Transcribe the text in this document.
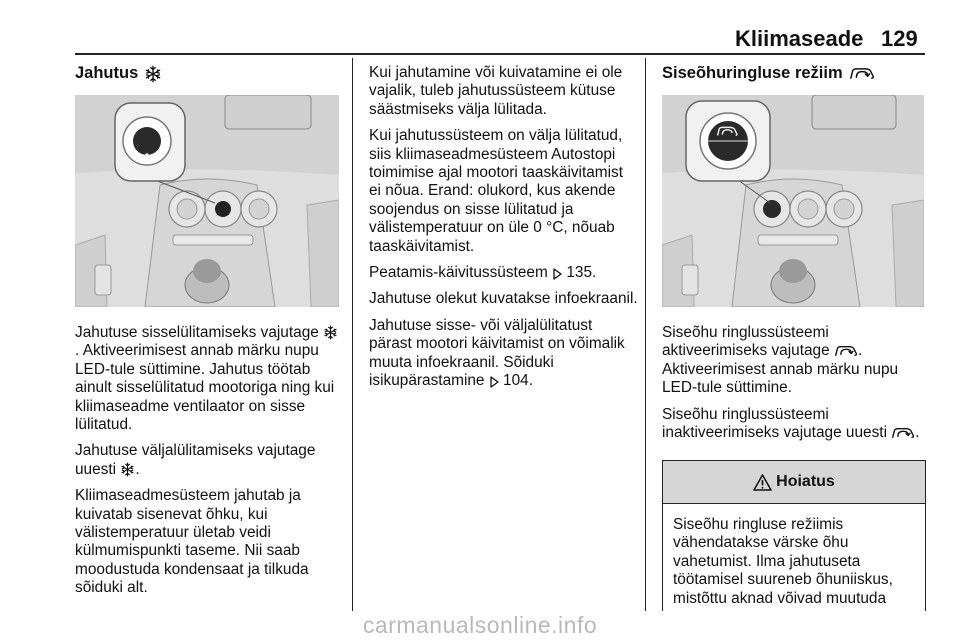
Kliimaseade 129
Jahutus

Jahutuse sisselülitamiseks vajutage . Aktiveerimisest annab märku nupu LED-tule süttimine. Jahutus töötab ainult sisselülitatud mootoriga ning kui kliimaseadme ventilaator on sisse lülitatud.

Jahutuse väljalülitamiseks vajutage uuesti .

Kliimaseadmesüsteem jahutab ja kuivatab sisenevat õhku, kui välistemperatuur ületab veidi külmumispunkti taseme. Nii saab moodustuda kondensaat ja tilkuda sõiduki alt.

Kui jahutamine või kuivatamine ei ole vajalik, tuleb jahutussüsteem kütuse säästmiseks välja lülitada.

Kui jahutussüsteem on välja lülitatud, siis kliimaseadmesüsteem Autostopi toimimise ajal mootori taaskäivitamist ei nõua. Erand: olukord, kus akende soojendus on sisse lülitatud ja välistemperatuur on üle 0 °C, nõuab taaskäivitamist.

Peatamis-käivitussüsteem  135.

Jahutuse olekut kuvatakse infoekraanil.

Jahutuse sisse- või väljalülitatust pärast mootori käivitamist on võimalik muuta infoekraanil. Sõiduki isikupärastamine  104.

Siseõhuringluse režiim

Siseõhu ringlussüsteemi aktiveerimiseks vajutage . Aktiveerimisest annab märku nupu LED-tule süttimine.

Siseõhu ringlussüsteemi inaktiveerimiseks vajutage uuesti .

Hoiatus
Siseõhu ringluse režiimis vähendatakse värske õhu vahetumist. Ilma jahutuseta töötamisel suureneb õhuniiskus, mistõttu aknad võivad muutuda
carmanualsonline.info
